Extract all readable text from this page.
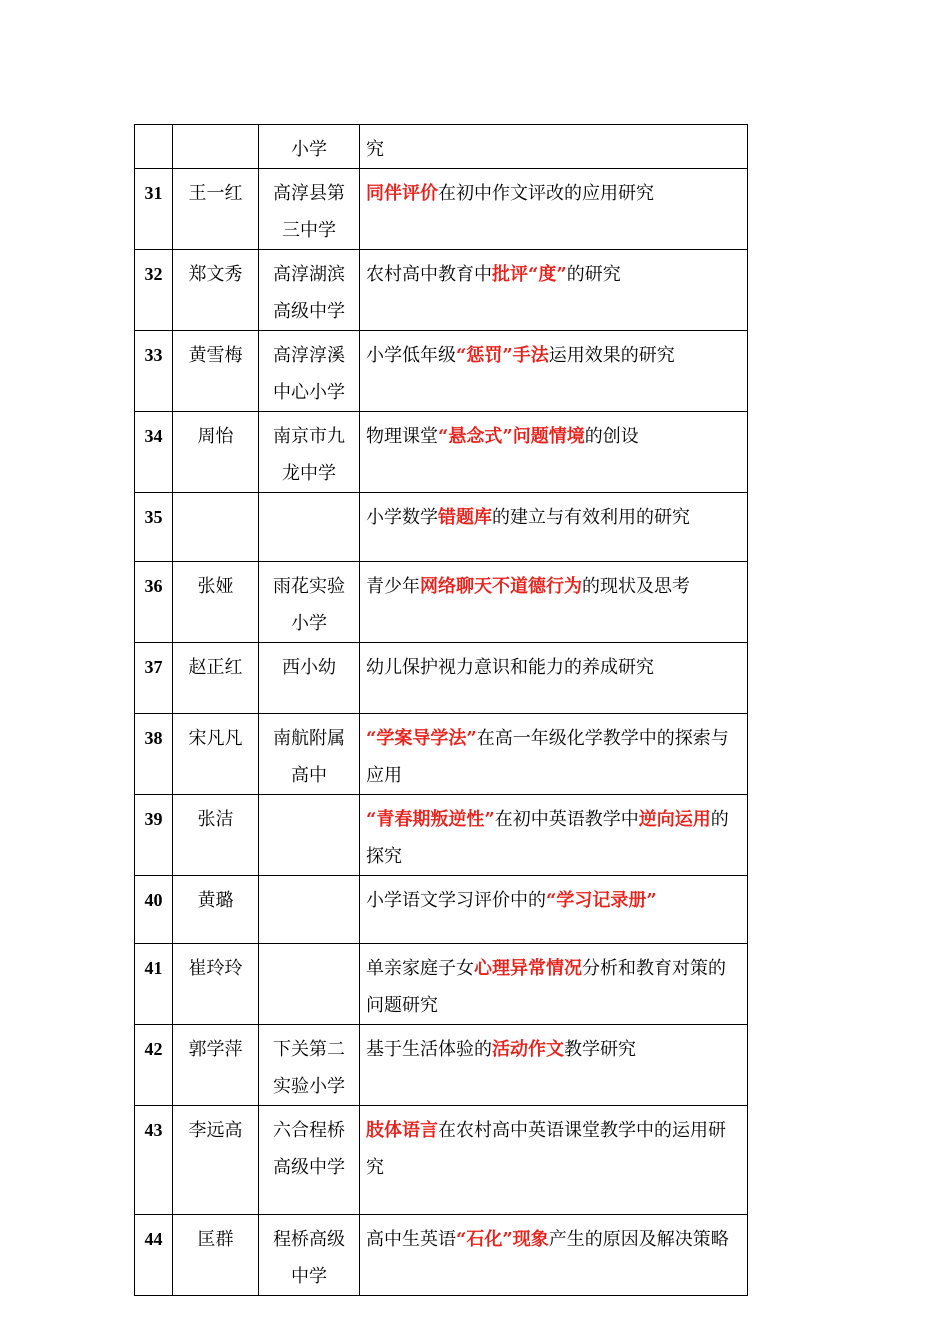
		小学	究
31	王一红	高淳县第三中学	同伴评价在初中作文评改的应用研究
32	郑文秀	高淳湖滨高级中学	农村高中教育中批评“度”的研究
33	黄雪梅	高淳淳溪中心小学	小学低年级“惩罚”手法运用效果的研究
34	周怡	南京市九龙中学	物理课堂“悬念式”问题情境的创设
35			小学数学错题库的建立与有效利用的研究
36	张娅	雨花实验小学	青少年网络聊天不道德行为的现状及思考
37	赵正红	西小幼	幼儿保护视力意识和能力的养成研究
38	宋凡凡	南航附属高中	“学案导学法”在高一年级化学教学中的探索与应用
39	张洁		“青春期叛逆性”在初中英语教学中逆向运用的探究
40	黄璐		小学语文学习评价中的“学习记录册”
41	崔玲玲		单亲家庭子女心理异常情况分析和教育对策的问题研究
42	郭学萍	下关第二实验小学	基于生活体验的活动作文教学研究
43	李远高	六合程桥高级中学	肢体语言在农村高中英语课堂教学中的运用研究
44	匡群	程桥高级中学	高中生英语“石化”现象产生的原因及解决策略
